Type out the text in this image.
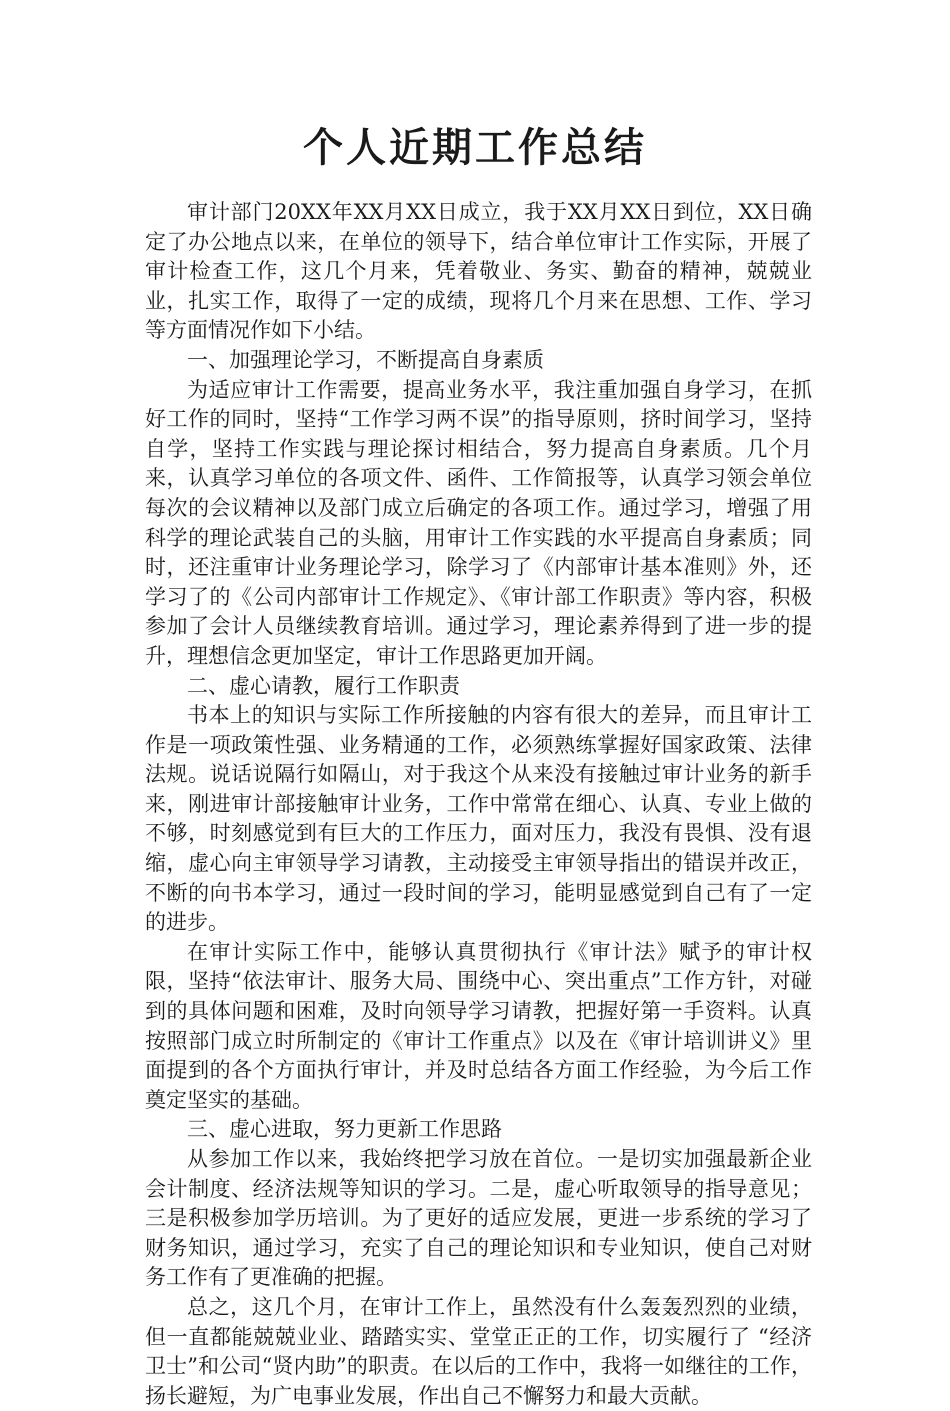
个人近期工作总结

审计部门20XX年XX月XX日成立，我于XX月XX日到位，XX日确定了办公地点以来，在单位的领导下，结合单位审计工作实际，开展了审计检查工作，这几个月来，凭着敬业、务实、勤奋的精神，兢兢业业，扎实工作，取得了一定的成绩，现将几个月来在思想、工作、学习等方面情况作如下小结。

一、加强理论学习，不断提高自身素质

为适应审计工作需要，提高业务水平，我注重加强自身学习，在抓好工作的同时，坚持“工作学习两不误”的指导原则，挤时间学习，坚持自学，坚持工作实践与理论探讨相结合，努力提高自身素质。几个月来，认真学习单位的各项文件、函件、工作简报等，认真学习领会单位每次的会议精神以及部门成立后确定的各项工作。通过学习，增强了用科学的理论武装自己的头脑，用审计工作实践的水平提高自身素质；同时，还注重审计业务理论学习，除学习了《内部审计基本准则》外，还学习了的《公司内部审计工作规定》、《审计部工作职责》等内容，积极参加了会计人员继续教育培训。通过学习，理论素养得到了进一步的提升，理想信念更加坚定，审计工作思路更加开阔。

二、虚心请教，履行工作职责

书本上的知识与实际工作所接触的内容有很大的差异，而且审计工作是一项政策性强、业务精通的工作，必须熟练掌握好国家政策、法律法规。说话说隔行如隔山，对于我这个从来没有接触过审计业务的新手来，刚进审计部接触审计业务，工作中常常在细心、认真、专业上做的不够，时刻感觉到有巨大的工作压力，面对压力，我没有畏惧、没有退缩，虚心向主审领导学习请教，主动接受主审领导指出的错误并改正，不断的向书本学习，通过一段时间的学习，能明显感觉到自己有了一定的进步。

在审计实际工作中，能够认真贯彻执行《审计法》赋予的审计权限，坚持“依法审计、服务大局、围绕中心、突出重点”工作方针，对碰到的具体问题和困难，及时向领导学习请教，把握好第一手资料。认真按照部门成立时所制定的《审计工作重点》以及在《审计培训讲义》里面提到的各个方面执行审计，并及时总结各方面工作经验，为今后工作奠定坚实的基础。

三、虚心进取，努力更新工作思路

从参加工作以来，我始终把学习放在首位。一是切实加强最新企业会计制度、经济法规等知识的学习。二是，虚心听取领导的指导意见；三是积极参加学历培训。为了更好的适应发展，更进一步系统的学习了财务知识，通过学习，充实了自己的理论知识和专业知识，使自己对财务工作有了更准确的把握。

总之，这几个月，在审计工作上，虽然没有什么轰轰烈烈的业绩，但一直都能兢兢业业、踏踏实实、堂堂正正的工作，切实履行了 “经济卫士”和公司“贤内助”的职责。在以后的工作中，我将一如继往的工作，扬长避短，为广电事业发展，作出自己不懈努力和最大贡献。
